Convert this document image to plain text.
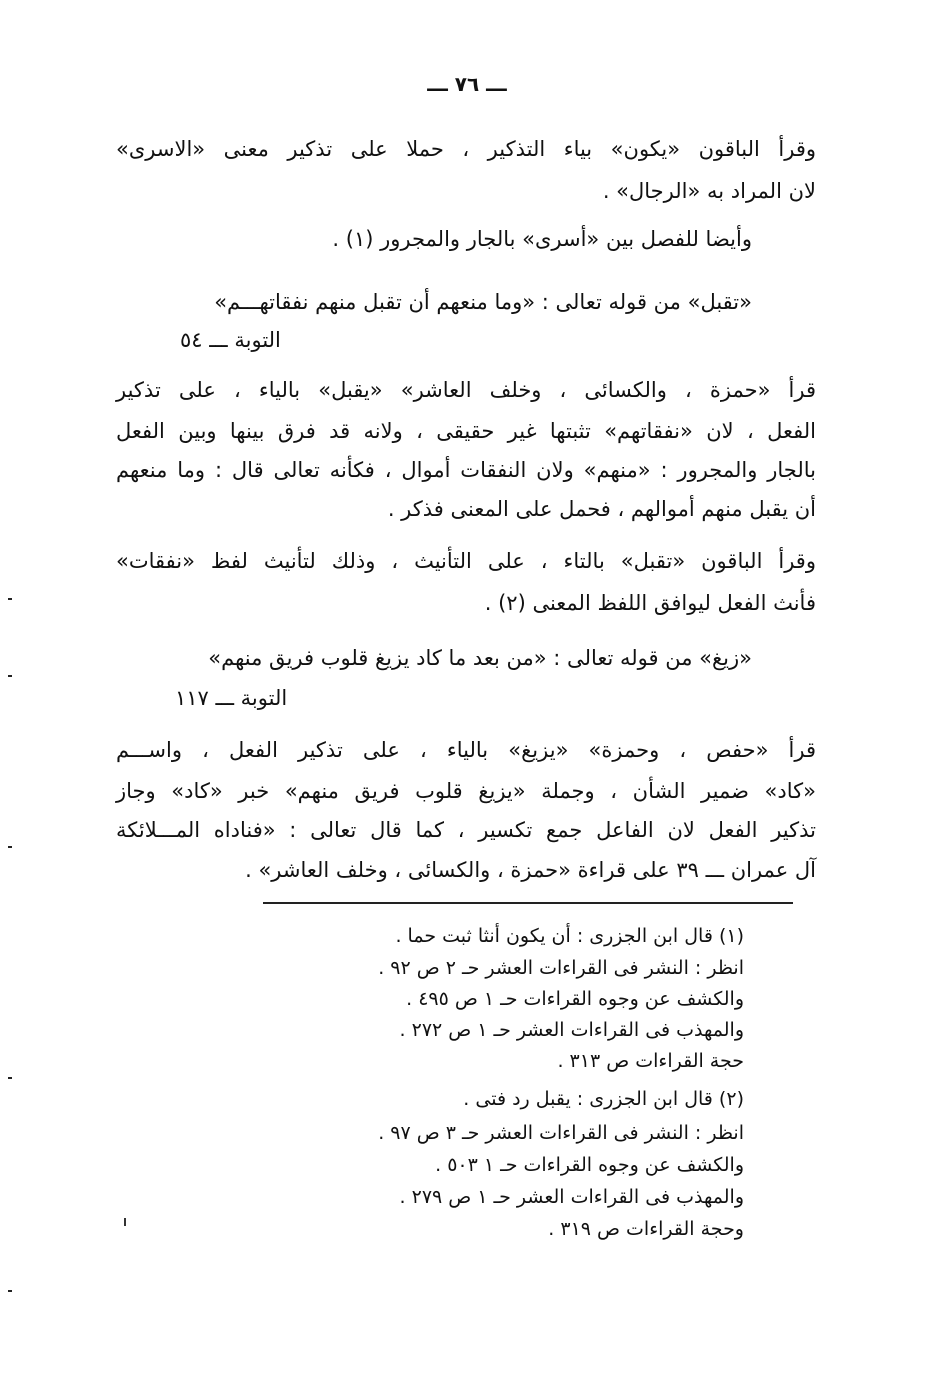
ـــ ٧٦ ـــ
وقرأ الباقون «يكون» بياء التذكير ، حملا على تذكير معنى «الاسرى»
لان المراد به «الرجال» .
وأيضا للفصل بين «أسرى» بالجار والمجرور (١) .
«تقبل» من قوله تعالى : «وما منعهم أن تقبل منهم نفقاتهـــم»
التوبة ـــ ٥٤
قرأ «حمزة ، والكسائى ، وخلف العاشر» «يقبل» بالياء ، على تذكير
الفعل ، لان «نفقاتهم» تثبتها غير حقيقى ، ولانه قد فرق بينها وبين الفعل
بالجار والمجرور : «منهم» ولان النفقات أموال ، فكأنه تعالى قال : وما منعهم
أن يقبل منهم أموالهم ، فحمل على المعنى فذكر .
وقرأ الباقون «تقبل» بالتاء ، على التأنيث ، وذلك لتأنيث لفظ «نفقات»
فأنث الفعل ليوافق اللفظ المعنى (٢) .
«زيغ» من قوله تعالى : «من بعد ما كاد يزيغ قلوب فريق منهم»
التوبة ـــ ١١٧
قرأ «حفص ، وحمزة» «يزيغ» بالياء ، على تذكير الفعل ، واســـم
«كاد» ضمير الشأن ، وجملة «يزيغ قلوب فريق منهم» خبر «كاد» وجاز
تذكير الفعل لان الفاعل جمع تكسير ، كما قال تعالى : «فناداه المـــلائكة
آل عمران ـــ ٣٩ على قراءة «حمزة ، والكسائى ، وخلف العاشر» .
(١) قال ابن الجزرى : أن يكون أنثا ثبت حما .
انظر : النشر فى القراءات العشر حـ ٢ ص ٩٢ .
والكشف عن وجوه القراءات حـ ١ ص ٤٩٥ .
والمهذب فى القراءات العشر حـ ١ ص ٢٧٢ .
حجة القراءات ص ٣١٣ .
(٢) قال ابن الجزرى : يقبل رد فتى .
انظر : النشر فى القراءات العشر حـ ٣ ص ٩٧ .
والكشف عن وجوه القراءات حـ ١ ٥٠٣ .
والمهذب فى القراءات العشر حـ ١ ص ٢٧٩ .
وحجة القراءات ص ٣١٩ .
